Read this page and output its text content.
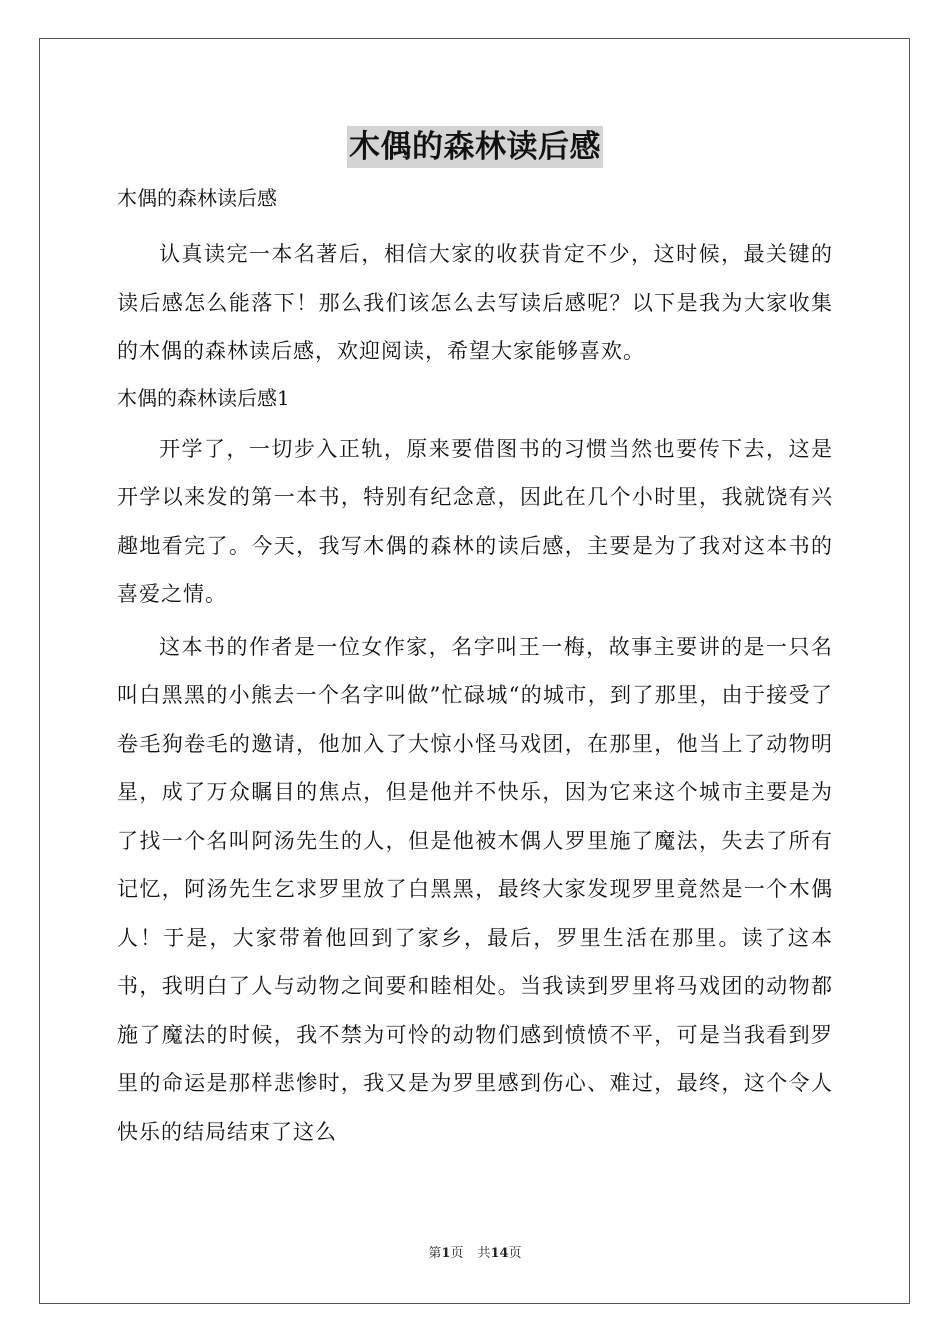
木偶的森林读后感
木偶的森林读后感

认真读完一本名著后，相信大家的收获肯定不少，这时候，最关键的读后感怎么能落下！那么我们该怎么去写读后感呢？以下是我为大家收集的木偶的森林读后感，欢迎阅读，希望大家能够喜欢。

木偶的森林读后感1

开学了，一切步入正轨，原来要借图书的习惯当然也要传下去，这是开学以来发的第一本书，特别有纪念意，因此在几个小时里，我就饶有兴趣地看完了。今天，我写木偶的森林的读后感，主要是为了我对这本书的喜爱之情。

这本书的作者是一位女作家，名字叫王一梅，故事主要讲的是一只名叫白黑黑的小熊去一个名字叫做”忙碌城“的城市，到了那里，由于接受了卷毛狗卷毛的邀请，他加入了大惊小怪马戏团，在那里，他当上了动物明星，成了万众瞩目的焦点，但是他并不快乐，因为它来这个城市主要是为了找一个名叫阿汤先生的人，但是他被木偶人罗里施了魔法，失去了所有记忆，阿汤先生乞求罗里放了白黑黑，最终大家发现罗里竟然是一个木偶人！于是，大家带着他回到了家乡，最后，罗里生活在那里。读了这本书，我明白了人与动物之间要和睦相处。当我读到罗里将马戏团的动物都施了魔法的时候，我不禁为可怜的动物们感到愤愤不平，可是当我看到罗里的命运是那样悲惨时，我又是为罗里感到伤心、难过，最终，这个令人快乐的结局结束了这么

第1页 共14页
